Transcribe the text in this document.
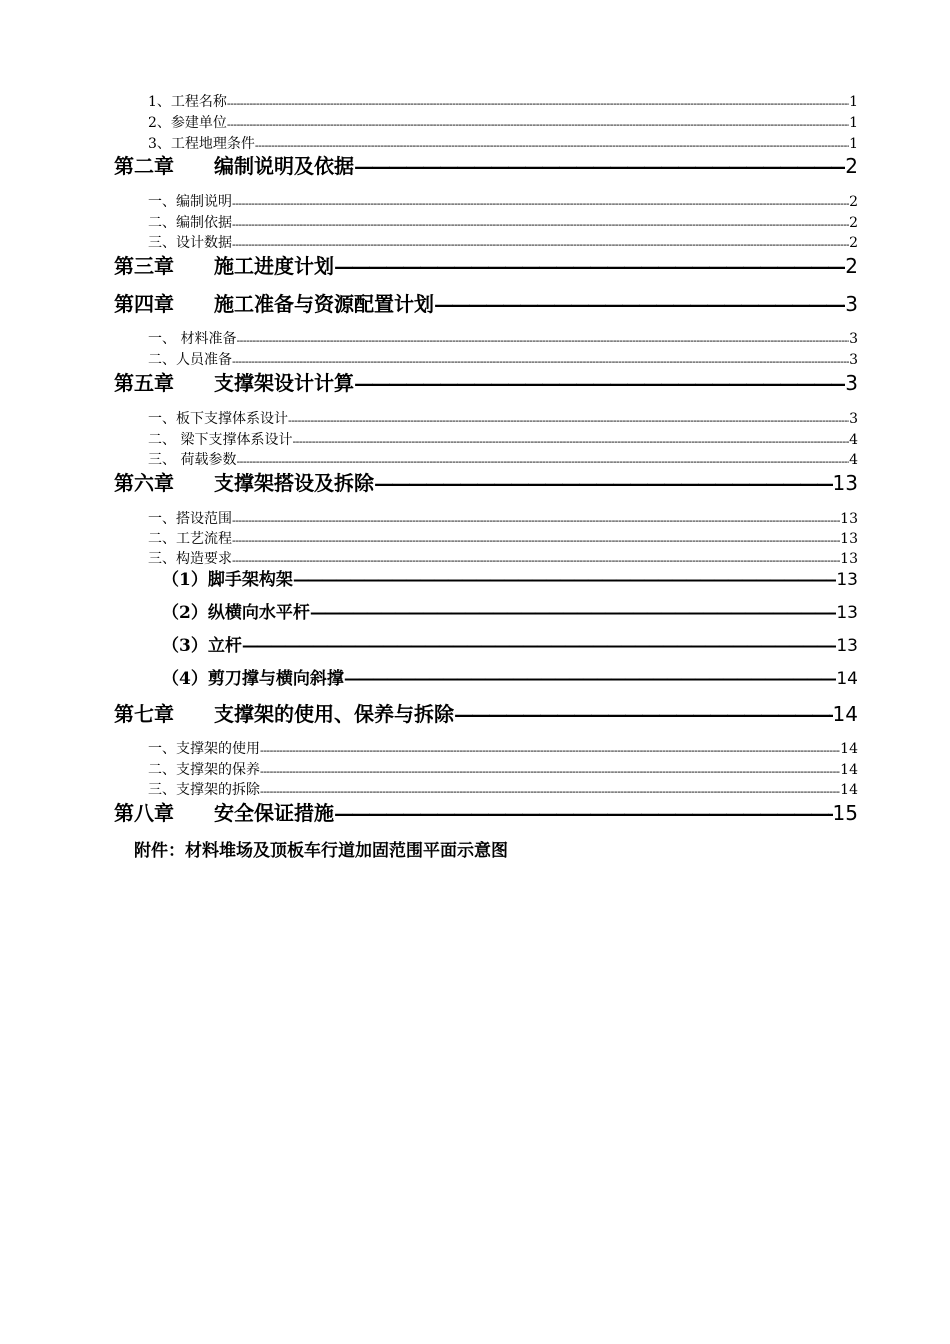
1、工程名称 -----	1
2、参建单位 -----	1
3、工程地理条件 -----	1
第二章 编制说明及依据 —————	2
一、编制说明 -----	2
二、编制依据 -----	2
三、设计数据 -----	2
第三章 施工进度计划 —————	2
第四章 施工准备与资源配置计划 —————	3
一、 材料准备 -----	3
二、人员准备 -----	3
第五章 支撑架设计计算 —————	3
一、板下支撑体系设计 -----	3
二、 梁下支撑体系设计 -----	4
三、 荷载参数 -----	4
第六章 支撑架搭设及拆除 —————	13
一、搭设范围 -----	13
二、工艺流程 -----	13
三、构造要求 -----	13
（1）脚手架构架 —————	13
（2）纵横向水平杆 —————	13
（3）立杆 —————	13
（4）剪刀撑与横向斜撑 —————	14
第七章 支撑架的使用、保养与拆除 —————	14
一、支撑架的使用 -----	14
二、支撑架的保养 -----	14
三、支撑架的拆除 -----	14
第八章 安全保证措施 —————	15
附件：材料堆场及顶板车行道加固范围平面示意图
